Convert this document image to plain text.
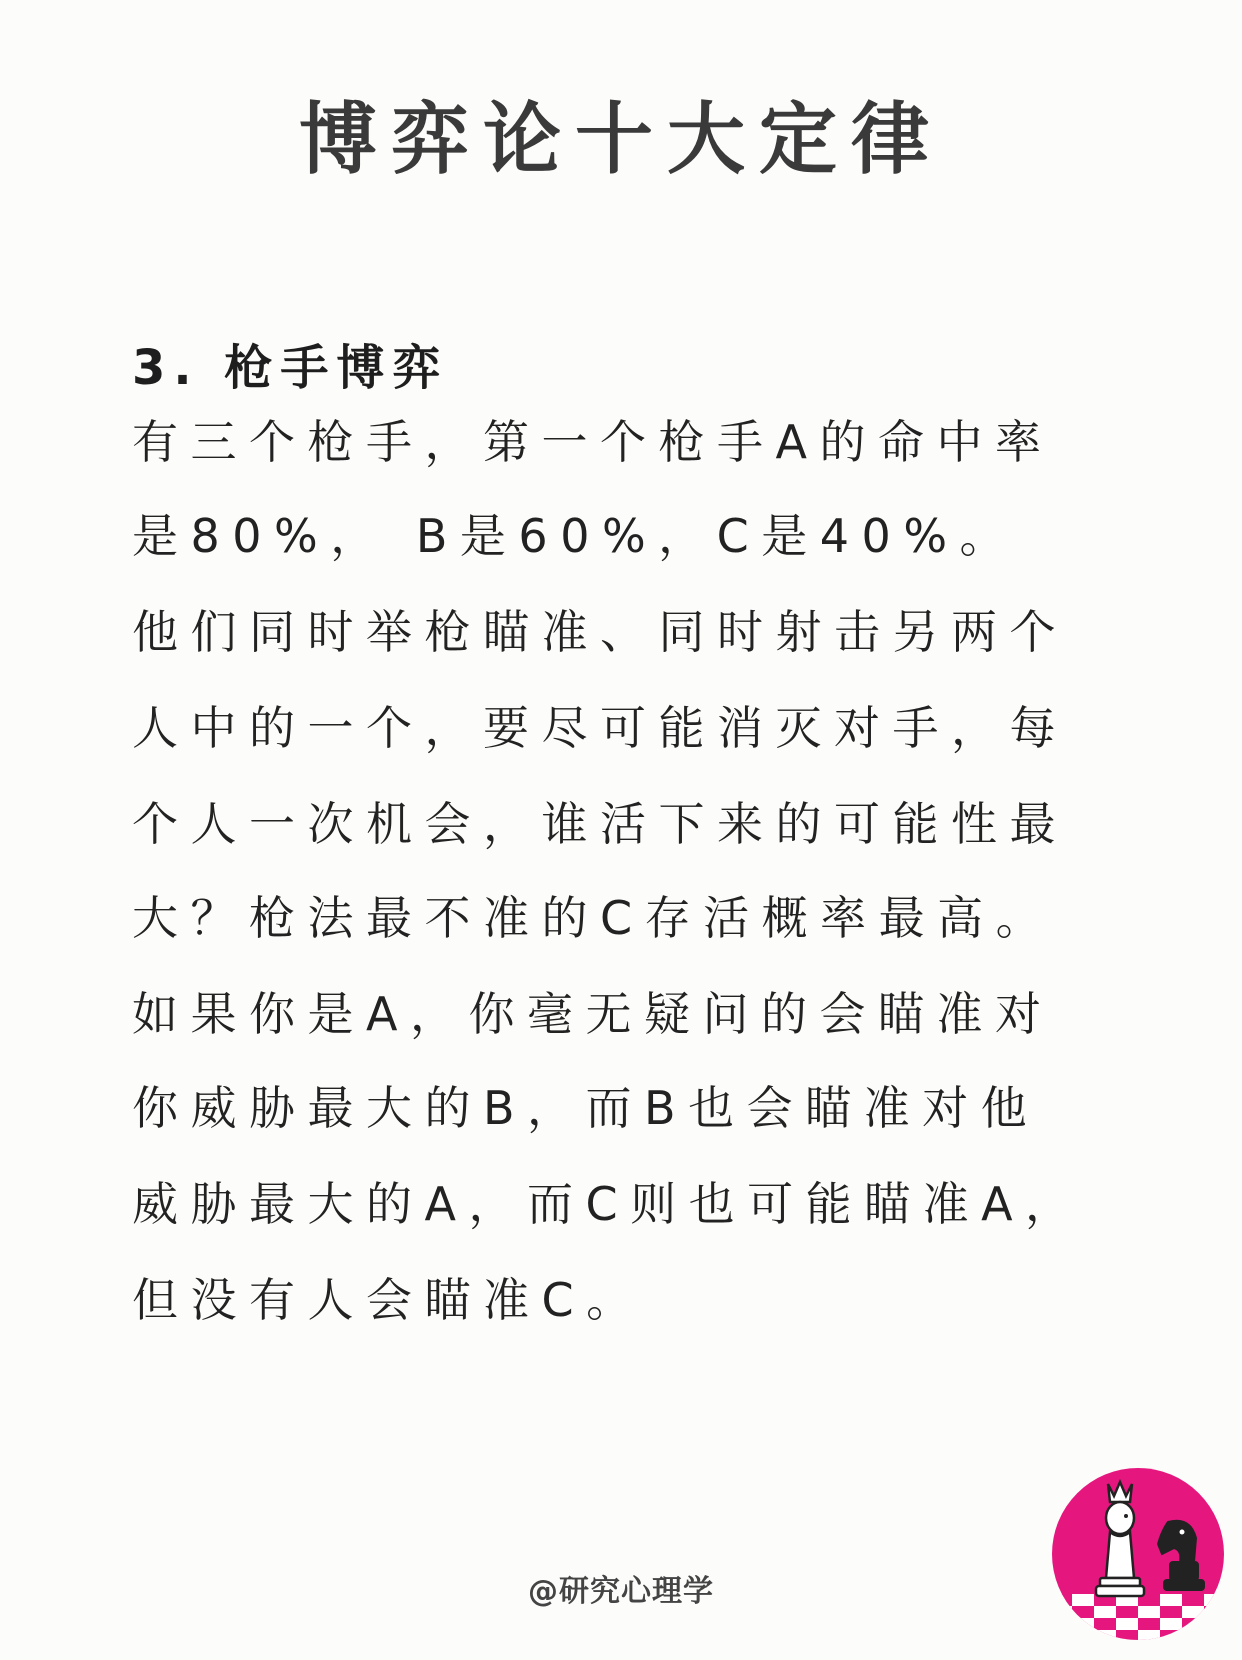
博弈论十大定律
3. 枪手博弈
有三个枪手，第一个枪手A的命中率
是80%， B是60%，C是40%。
他们同时举枪瞄准、同时射击另两个
人中的一个，要尽可能消灭对手，每
个人一次机会，谁活下来的可能性最
大？枪法最不准的C存活概率最高。
如果你是A，你毫无疑问的会瞄准对
你威胁最大的B，而B也会瞄准对他
威胁最大的A，而C则也可能瞄准A，
但没有人会瞄准C。
@研究心理学
